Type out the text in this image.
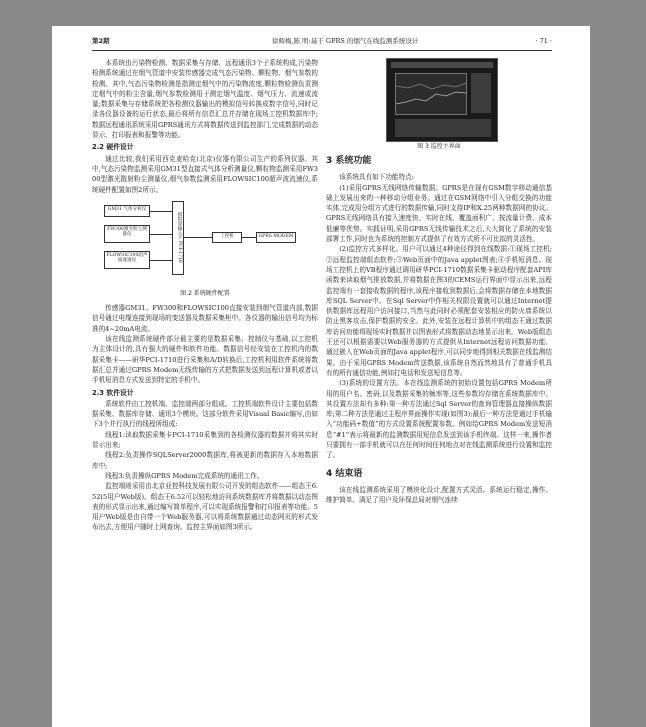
第2期	徐辉梅,陈 明:基于 GPRS 的烟气在线监测系统设计	· 71 ·

本系统由污染物检测、数据采集与存储、远程通讯3个子系统构成,污染物检测系统通过在烟气管道中安装传感器完成气态污染物、颗粒物、烟气参数的检测。其中,气态污染物检测是指测定烟气中的污染物浓度,颗粒物检测负责测定烟气中的粉尘含量,烟气参数检测用于测定烟气温度、烟气压力、流速或流量;数据采集与存储系统把各检测仪器输出的模拟信号转换成数字信号,同时记录各仪器设备的运行状态,最后将所有信息汇总并存储在现场工控机数据库中;数据远程通讯系统采用GPRS通讯方式将数据传送到监控部门,完成数据的动态显示、打印报表和报警等功能。

2.2 硬件设计

通过比较,我们采用西克麦哈克(北京)仪器有限公司生产的系列仪器。其中,气态污染物监测采用GM31型直接式气体分析测量仪,颗粒物监测采用FW300型激光散射粉尘测量仪,烟气参数监测采用FLOWSIC100超声波流速仪,系统硬件配置如图2所示。

GM31 气体分析仪
FW300激光粉尘测量仪
FLOWSIC100超声波流速仪	模拟量输入卡 PCI-1710	工控机	GPRS MODEM
图 2 系统硬件配置

传感器GM31、FW300和FLOWSIC100直接安装到烟气管道内部,数据信号通过电缆连接到现场的变送器及数据采集柜中。各仪器的输出信号均为标准的4~20mA电流。

该在线监测系统硬件部分最主要的是数据采集、控制仪与基础,以工控机为主体设计的,具有强大的硬件和软件功能。数据信号经安装在工控机内的数据采集卡——研华PCI-1710进行采集和A/D转换后,工控机利用软件系统将数据汇总并通过GPRS Modem无线传输的方式把数据发送到远程计算机或者以手机短消息方式发送到特定的手机中。

2.3 软件设计

系统软件由工控机端、监控端两部分组成。工控机端软件设计主要包括数据采集、数据库存储、通讯3个模块。这部分软件采用Visual Basic编写,由如下3个并行执行的线程所组成:

线程1:读取数据采集卡PCI-1710采集到的各检测仪器的数据并将其实时显示出来;

线程2:负责操作SQLServer2000数据库,将被更新的数据存入本地数据库中;

线程3:负责操纵GPRS Modem完成系统的通讯工作。

监控端则采用由北京亚控科技发展有限公司开发的组态软件——组态王6.52(5用户Web版)。组态王6.52可以轻松地访问系统数据库并将数据以动态图表的形式显示出来,通过编写简单程序,可以实现系统报警和打印报表等功能。5用户Web版是由自带一个Web服务器,可以将系统数据通过动态网页的形式发布出去,方便用户随时上网查询。监控主界面如图3所示。

图 3 监控主界面
3 系统功能

该系统具有如下功能特点:

(1)采用GPRS无线网络传输数据。GPRS是在现有GSM数字移动通信基础上发展出来的一种移动分组业务。通过在GSM网络中引入分组交换的功能实体,完成用分组方式进行的数据传输,同时支持IP和X.25两种数据网的协议。GPRS无线网络具有接入速度快、实时在线、覆盖面积广、按流量计费、成本低廉等优势。实践证明,采用GPRS无线传输技术之后,大大简化了系统的安装部署工作,同时也为系统的控制方式提供了有效方式所不可比拟的灵活性。

(2)监控方式多样化。用户可以通过4种途径得到在线数据:①现场工控机;②远程监控端组态软件;③Web页面中的Java applet图表;④手机短消息。现场工控机上的VB程序通过调用研华PCI-1710数据采集卡驱动程序配套API库函数来读取烟气排放数据,并将数据在图3的CEMS运行界面中显示出来,远程监控端有一套接收数据的程序,该程序接收到数据后,会将数据存储在本地数据库SQL Server中。在Sql Server中作相关权限设置就可以通过Internet提供数据库远程用户访问接口,当然与此同时必须配套安装相应的防火墙系统以防止黑客攻击,保护数据的安全。此外,安装在远程计算机中的组态王通过数据库访问功能将现场实时数据并以图表形式将数据动态地显示出来。Web版组态王还可以根据需要以Web服务器的方式提供从Internet远程访问数据功能。通过嵌入在Web页面的Java applet程序,可以同步地得到相关数据在线监测结果。由于采用GPRS Modem传送数据,该系统自然而然地具有了普通手机具有的所有通信功能,例如打电话和发送短信息等。

(3)系统的设置方法。本在线监测系统的初始设置包括GPRS Modem所用的用户名、密码,以及数据采集的频率等,这些参数均存储在系统数据库中。其设置方法却有多种:第一种方法通过Sql Server的查询管理器直接操纵数据库;第二种方法是通过主程序界面操作实现(如图3);最后一种方法是通过手机输入“功能码+数值”的方式设置系统配置参数。例如给GPRS Modem发送短消息“#1”表示将最新的监测数据用短信息发送到该手机终端。这样一来,操作者只要拥有一部手机就可以在任何时间任何地点对在线监测系统进行设置和监控了。

4 结束语

该在线监测系统采用了模块化设计,配置方式灵活。系统运行稳定,操作、维护简单。满足了用户及环保总局对烟气连续
